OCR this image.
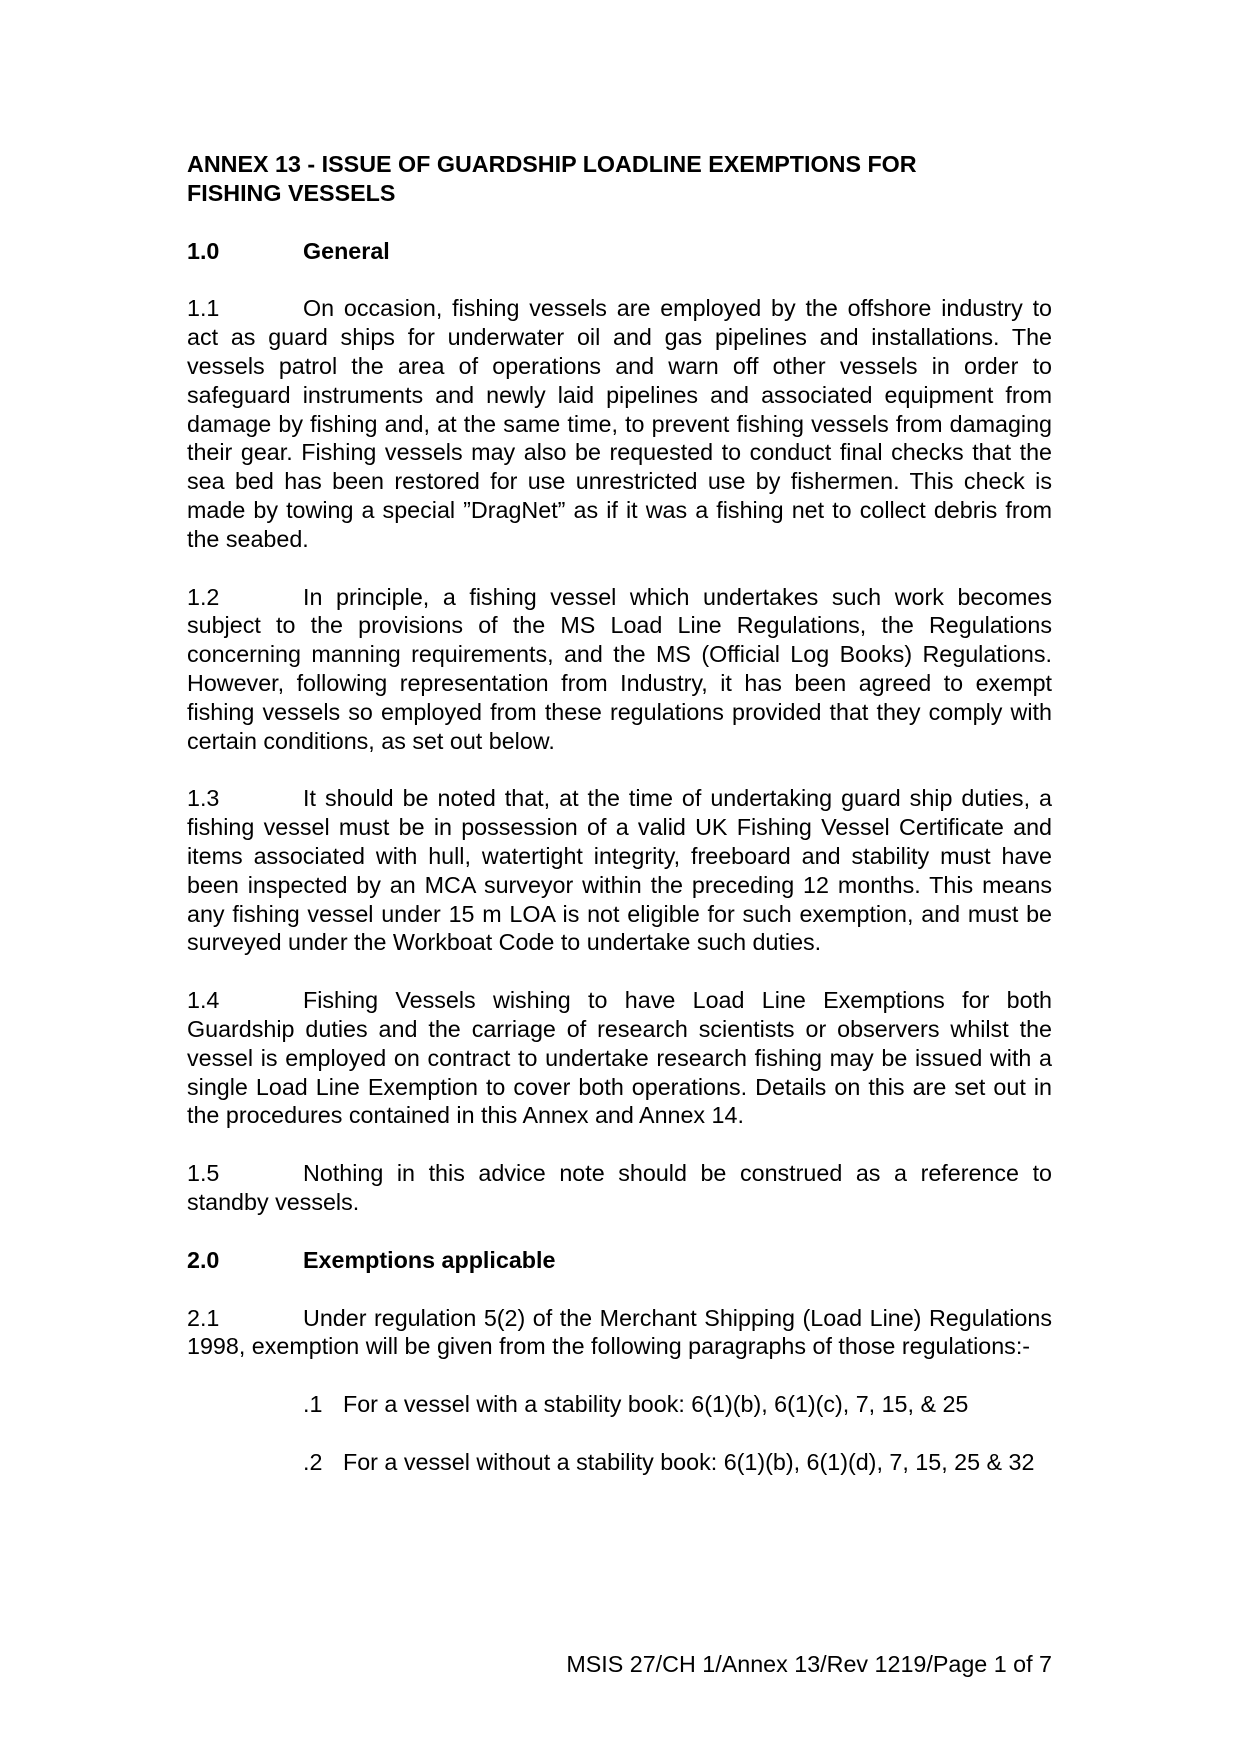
ANNEX 13 - ISSUE OF GUARDSHIP LOADLINE EXEMPTIONS FOR FISHING VESSELS
1.0	General
1.1	On occasion, fishing vessels are employed by the offshore industry to act as guard ships for underwater oil and gas pipelines and installations. The vessels patrol the area of operations and warn off other vessels in order to safeguard instruments and newly laid pipelines and associated equipment from damage by fishing and, at the same time, to prevent fishing vessels from damaging their gear. Fishing vessels may also be requested to conduct final checks that the sea bed has been restored for use unrestricted use by fishermen. This check is made by towing a special ”DragNet” as if it was a fishing net to collect debris from the seabed.
1.2	In principle, a fishing vessel which undertakes such work becomes subject to the provisions of the MS Load Line Regulations, the Regulations concerning manning requirements, and the MS (Official Log Books) Regulations. However, following representation from Industry, it has been agreed to exempt fishing vessels so employed from these regulations provided that they comply with certain conditions, as set out below.
1.3	It should be noted that, at the time of undertaking guard ship duties, a fishing vessel must be in possession of a valid UK Fishing Vessel Certificate and items associated with hull, watertight integrity, freeboard and stability must have been inspected by an MCA surveyor within the preceding 12 months. This means any fishing vessel under 15 m LOA is not eligible for such exemption, and must be surveyed under the Workboat Code to undertake such duties.
1.4	Fishing Vessels wishing to have Load Line Exemptions for both Guardship duties and the carriage of research scientists or observers whilst the vessel is employed on contract to undertake research fishing may be issued with a single Load Line Exemption to cover both operations. Details on this are set out in the procedures contained in this Annex and Annex 14.
1.5	Nothing in this advice note should be construed as a reference to standby vessels.
2.0	Exemptions applicable
2.1	Under regulation 5(2) of the Merchant Shipping (Load Line) Regulations 1998, exemption will be given from the following paragraphs of those regulations:-
.1 For a vessel with a stability book: 6(1)(b), 6(1)(c), 7, 15, & 25
.2 For a vessel without a stability book: 6(1)(b), 6(1)(d), 7, 15, 25 & 32
MSIS 27/CH 1/Annex 13/Rev 1219/Page 1 of 7
